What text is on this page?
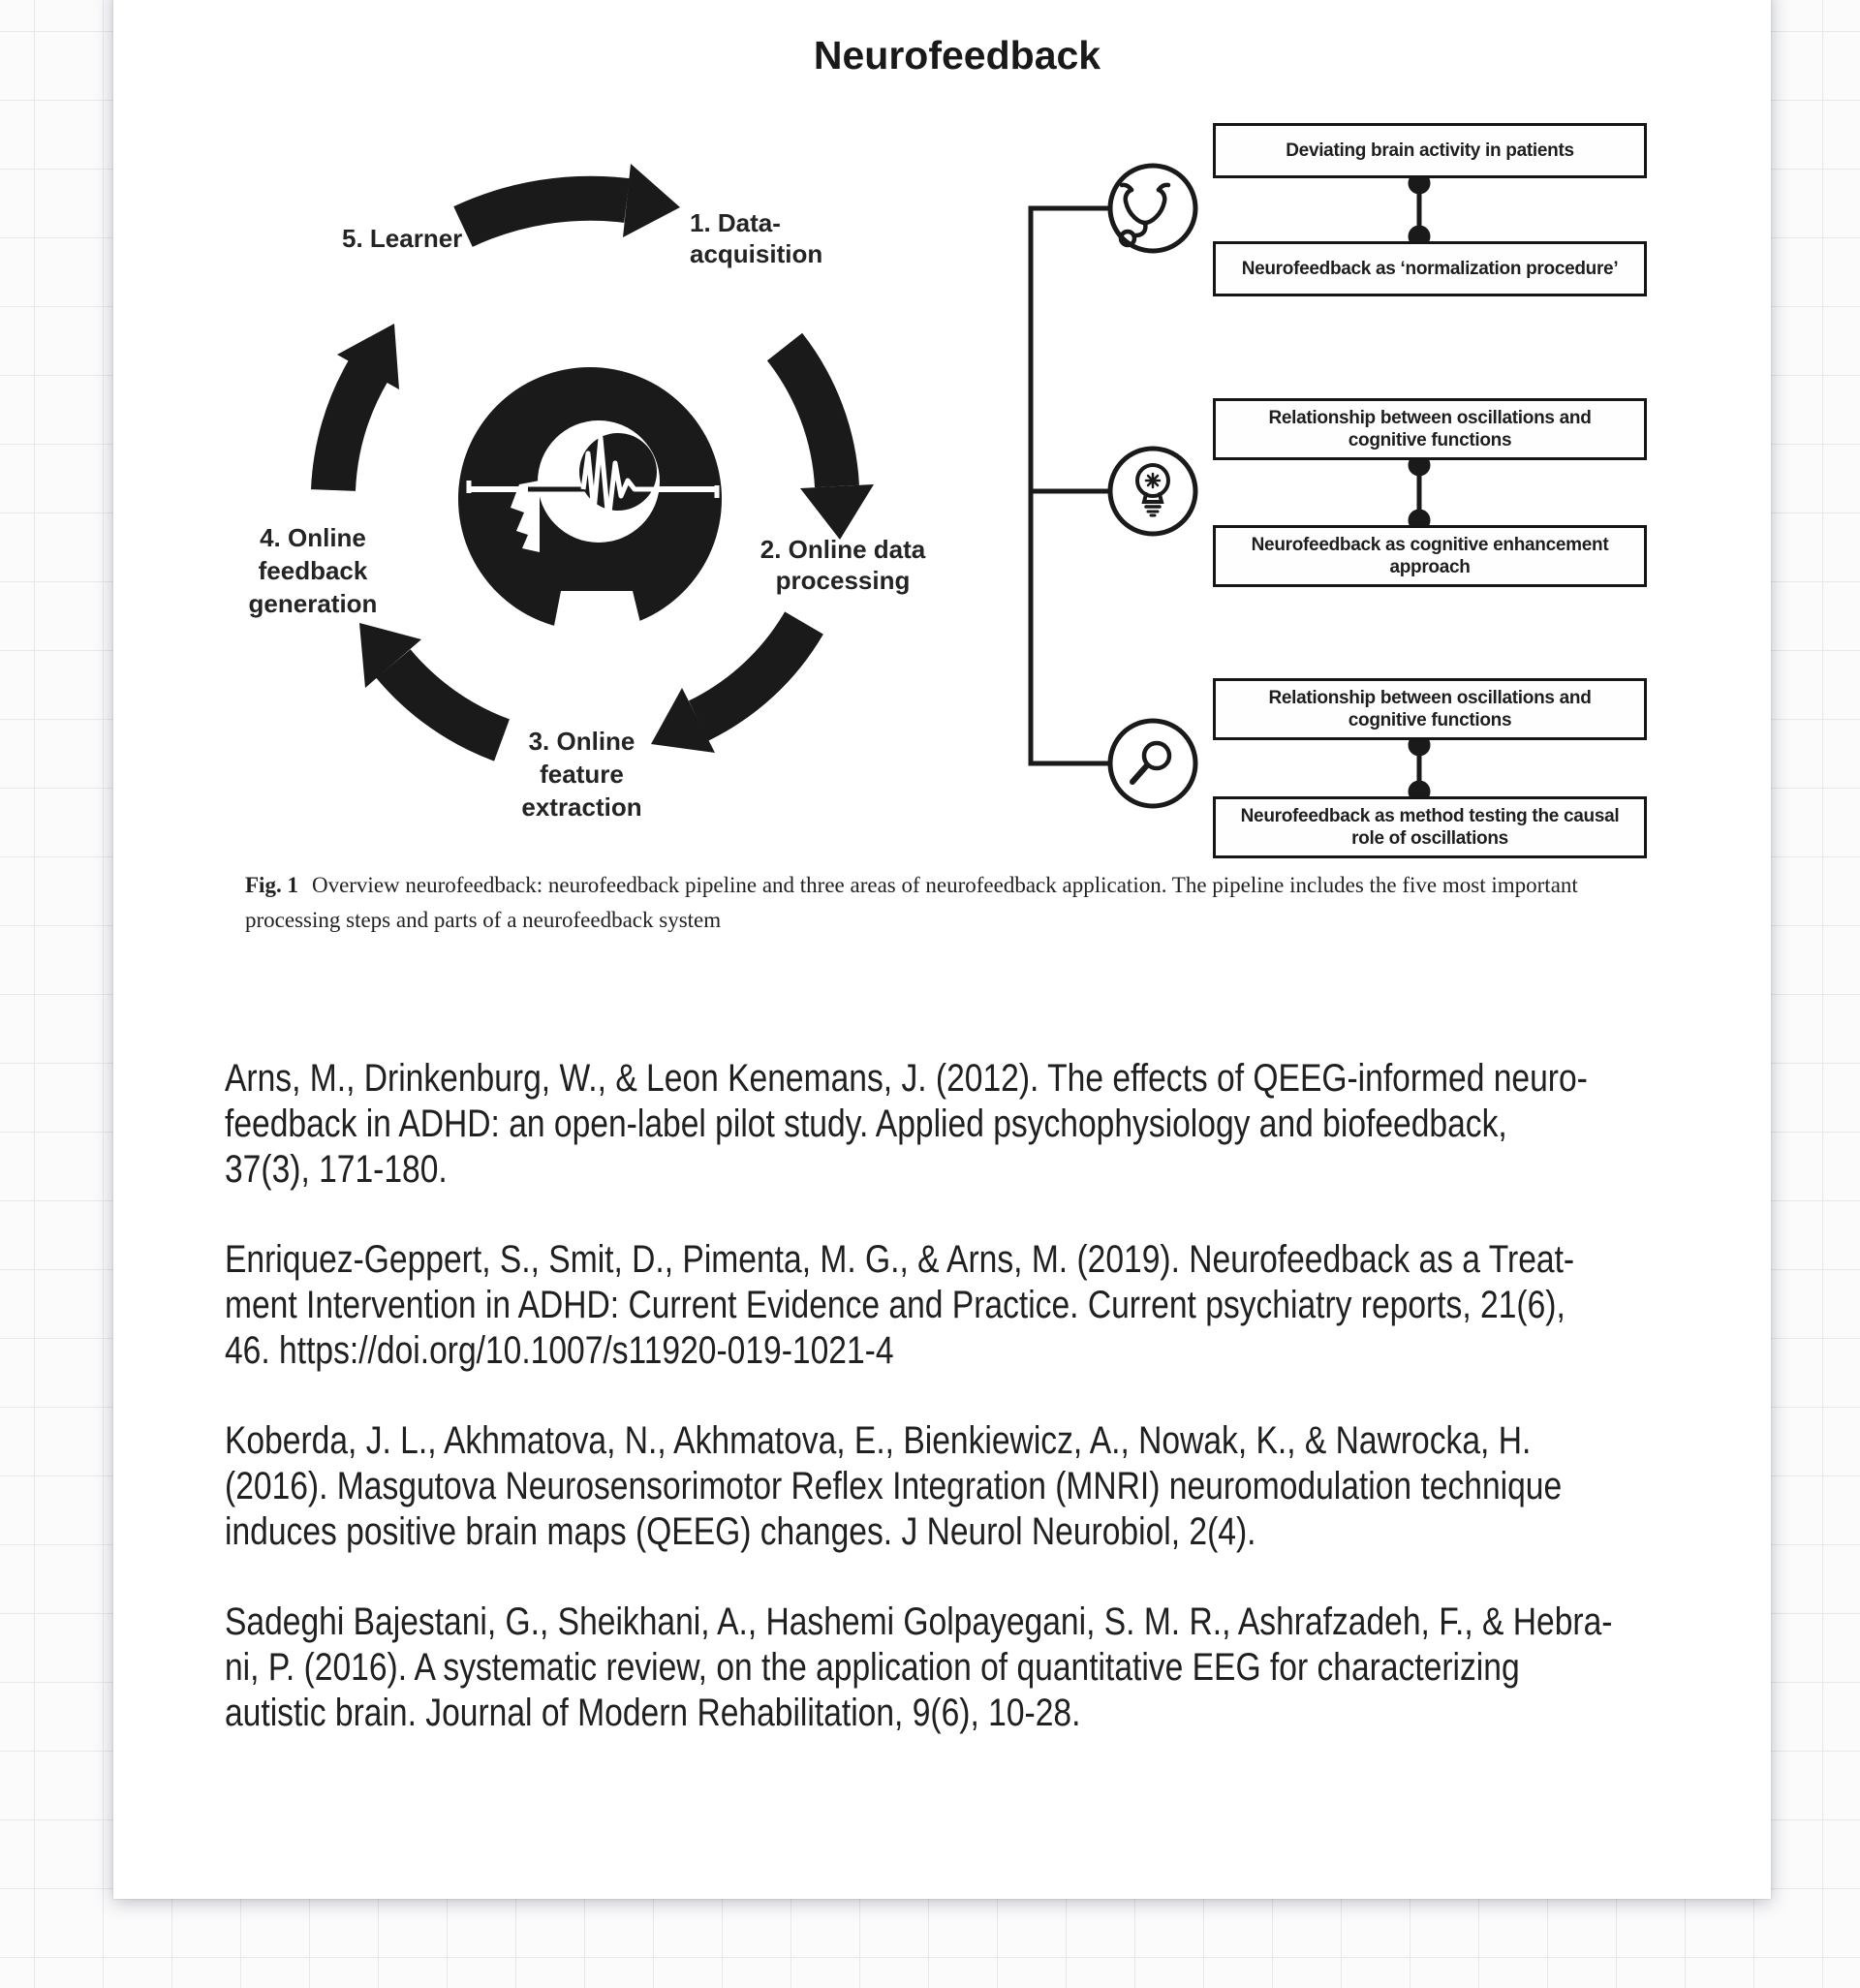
Neurofeedback
1. Data-
acquisition
2. Online data
processing
3. Online
feature
extraction
4. Online
feedback
generation
5. Learner
Deviating brain activity in patients
Neurofeedback as ‘normalization procedure’
Relationship between oscillations and
cognitive functions
Neurofeedback as cognitive enhancement
approach
Relationship between oscillations and
cognitive functions
Neurofeedback as method testing the causal
role of oscillations
Fig. 1 Overview neurofeedback: neurofeedback pipeline and three areas of neurofeedback application. The pipeline includes the five most important
processing steps and parts of a neurofeedback system
Arns, M., Drinkenburg, W., & Leon Kenemans, J. (2012). The effects of QEEG-informed neuro-
feedback in ADHD: an open-label pilot study. Applied psychophysiology and biofeedback,
37(3), 171-180.
Enriquez-Geppert, S., Smit, D., Pimenta, M. G., & Arns, M. (2019). Neurofeedback as a Treat-
ment Intervention in ADHD: Current Evidence and Practice. Current psychiatry reports, 21(6),
46. https://doi.org/10.1007/s11920-019-1021-4
Koberda, J. L., Akhmatova, N., Akhmatova, E., Bienkiewicz, A., Nowak, K., & Nawrocka, H.
(2016). Masgutova Neurosensorimotor Reflex Integration (MNRI) neuromodulation technique
induces positive brain maps (QEEG) changes. J Neurol Neurobiol, 2(4).
Sadeghi Bajestani, G., Sheikhani, A., Hashemi Golpayegani, S. M. R., Ashrafzadeh, F., & Hebra-
ni, P. (2016). A systematic review, on the application of quantitative EEG for characterizing
autistic brain. Journal of Modern Rehabilitation, 9(6), 10-28.
